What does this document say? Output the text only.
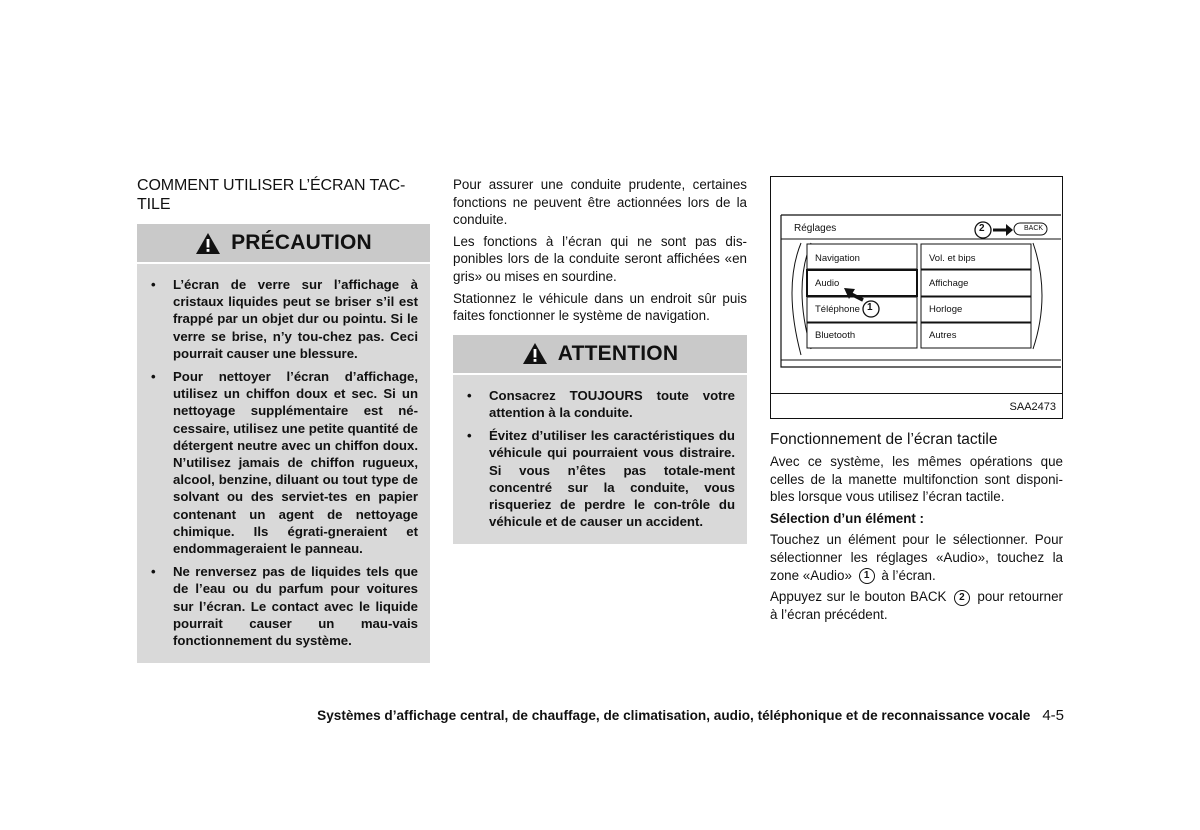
COMMENT UTILISER L’ÉCRAN TAC-TILE
PRÉCAUTION
•	L’écran de verre sur l’affichage à cristaux liquides peut se briser s’il est frappé par un objet dur ou pointu. Si le verre se brise, n’y tou-chez pas. Ceci pourrait causer une blessure.
•	Pour nettoyer l’écran d’affichage, utilisez un chiffon doux et sec. Si un nettoyage supplémentaire est né-cessaire, utilisez une petite quantité de détergent neutre avec un chiffon doux. N’utilisez jamais de chiffon rugueux, alcool, benzine, diluant ou tout type de solvant ou des serviet-tes en papier contenant un agent de nettoyage chimique. Ils égrati-gneraient et endommageraient le panneau.
•	Ne renversez pas de liquides tels que de l’eau ou du parfum pour voitures sur l’écran. Le contact avec le liquide pourrait causer un mau-vais fonctionnement du système.

Pour assurer une conduite prudente, certaines fonctions ne peuvent être actionnées lors de la conduite.

Les fonctions à l’écran qui ne sont pas dis-ponibles lors de la conduite seront affichées «en gris» ou mises en sourdine.

Stationnez le véhicule dans un endroit sûr puis faites fonctionner le système de navigation.

ATTENTION
•	Consacrez TOUJOURS toute votre attention à la conduite.
•	Évitez d’utiliser les caractéristiques du véhicule qui pourraient vous distraire. Si vous n’êtes pas totale-ment concentré sur la conduite, vous risqueriez de perdre le con-trôle du véhicule et de causer un accident.
Réglages	BACK
2
1
Navigation
Audio
Téléphone
Bluetooth
Vol. et bips
Affichage
Horloge
Autres
SAA2473
Fonctionnement de l’écran tactile

Avec ce système, les mêmes opérations que celles de la manette multifonction sont disponi-bles lorsque vous utilisez l’écran tactile.

Sélection d’un élément :

Touchez un élément pour le sélectionner. Pour sélectionner les réglages «Audio», touchez la zone «Audio» 1 à l’écran.

Appuyez sur le bouton BACK 2 pour retourner à l’écran précédent.

Systèmes d’affichage central, de chauffage, de climatisation, audio, téléphonique et de reconnaissance vocale 4-5
